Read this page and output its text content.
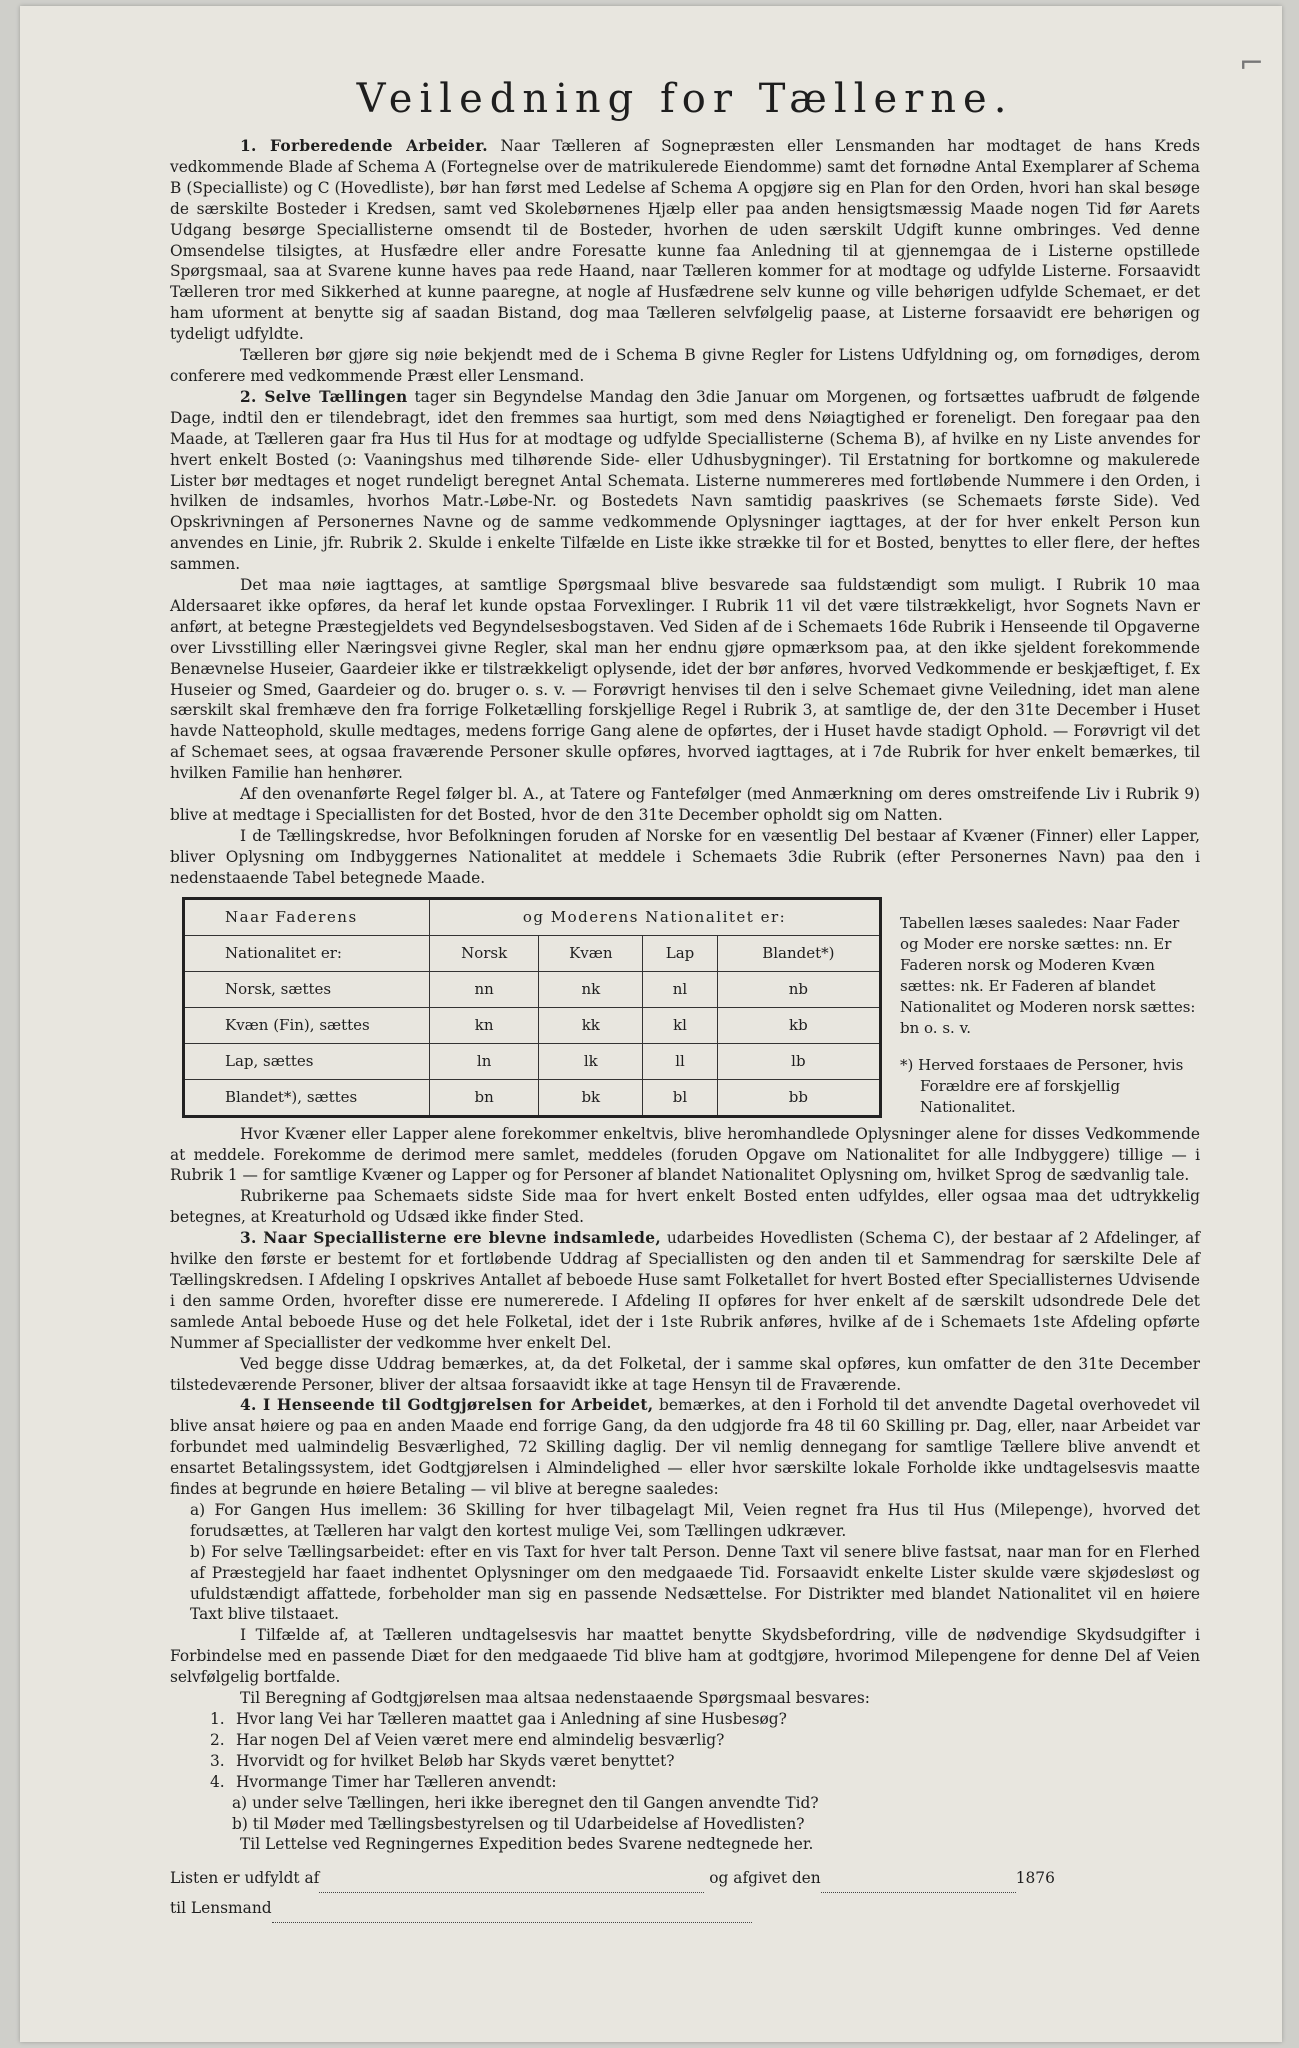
⌐
Veiledning for Tællerne.

1. Forberedende Arbeider. Naar Tælleren af Sognepræsten eller Lensmanden har modtaget de hans Kreds vedkommende Blade af Schema A (Fortegnelse over de matrikulerede Eiendomme) samt det fornødne Antal Exemplarer af Schema B (Specialliste) og C (Hovedliste), bør han først med Ledelse af Schema A opgjøre sig en Plan for den Orden, hvori han skal besøge de særskilte Bosteder i Kredsen, samt ved Skolebørnenes Hjælp eller paa anden hensigtsmæssig Maade nogen Tid før Aarets Udgang besørge Speciallisterne omsendt til de Bosteder, hvorhen de uden særskilt Udgift kunne ombringes. Ved denne Omsendelse tilsigtes, at Husfædre eller andre Foresatte kunne faa Anledning til at gjennemgaa de i Listerne opstillede Spørgsmaal, saa at Svarene kunne haves paa rede Haand, naar Tælleren kommer for at modtage og udfylde Listerne. Forsaavidt Tælleren tror med Sikkerhed at kunne paaregne, at nogle af Husfædrene selv kunne og ville behørigen udfylde Schemaet, er det ham uforment at benytte sig af saadan Bistand, dog maa Tælleren selvfølgelig paase, at Listerne forsaavidt ere behørigen og tydeligt udfyldte.

Tælleren bør gjøre sig nøie bekjendt med de i Schema B givne Regler for Listens Udfyldning og, om fornødiges, derom conferere med vedkommende Præst eller Lensmand.

2. Selve Tællingen tager sin Begyndelse Mandag den 3die Januar om Morgenen, og fortsættes uafbrudt de følgende Dage, indtil den er tilendebragt, idet den fremmes saa hurtigt, som med dens Nøiagtighed er foreneligt. Den foregaar paa den Maade, at Tælleren gaar fra Hus til Hus for at modtage og udfylde Speciallisterne (Schema B), af hvilke en ny Liste anvendes for hvert enkelt Bosted (ɔ: Vaaningshus med tilhørende Side- eller Udhusbygninger). Til Erstatning for bortkomne og makulerede Lister bør medtages et noget rundeligt beregnet Antal Schemata. Listerne nummereres med fortløbende Nummere i den Orden, i hvilken de indsamles, hvorhos Matr.-Løbe-Nr. og Bostedets Navn samtidig paaskrives (se Schemaets første Side). Ved Opskrivningen af Personernes Navne og de samme vedkommende Oplysninger iagttages, at der for hver enkelt Person kun anvendes en Linie, jfr. Rubrik 2. Skulde i enkelte Tilfælde en Liste ikke strække til for et Bosted, benyttes to eller flere, der heftes sammen.

Det maa nøie iagttages, at samtlige Spørgsmaal blive besvarede saa fuldstændigt som muligt. I Rubrik 10 maa Aldersaaret ikke opføres, da heraf let kunde opstaa Forvexlinger. I Rubrik 11 vil det være tilstrækkeligt, hvor Sognets Navn er anført, at betegne Præstegjeldets ved Begyndelsesbogstaven. Ved Siden af de i Schemaets 16de Rubrik i Henseende til Opgaverne over Livsstilling eller Næringsvei givne Regler, skal man her endnu gjøre opmærksom paa, at den ikke sjeldent forekommende Benævnelse Huseier, Gaardeier ikke er tilstrækkeligt oplysende, idet der bør anføres, hvorved Vedkommende er beskjæftiget, f. Ex Huseier og Smed, Gaardeier og do. bruger o. s. v. — Forøvrigt henvises til den i selve Schemaet givne Veiledning, idet man alene særskilt skal fremhæve den fra forrige Folketælling forskjellige Regel i Rubrik 3, at samtlige de, der den 31te December i Huset havde Natteophold, skulle medtages, medens forrige Gang alene de opførtes, der i Huset havde stadigt Ophold. — Forøvrigt vil det af Schemaet sees, at ogsaa fraværende Personer skulle opføres, hvorved iagttages, at i 7de Rubrik for hver enkelt bemærkes, til hvilken Familie han henhører.

Af den ovenanførte Regel følger bl. A., at Tatere og Fantefølger (med Anmærkning om deres omstreifende Liv i Rubrik 9) blive at medtage i Speciallisten for det Bosted, hvor de den 31te December opholdt sig om Natten.

I de Tællingskredse, hvor Befolkningen foruden af Norske for en væsentlig Del bestaar af Kvæner (Finner) eller Lapper, bliver Oplysning om Indbyggernes Nationalitet at meddele i Schemaets 3die Rubrik (efter Personernes Navn) paa den i nedenstaaende Tabel betegnede Maade.

Naar Faderens	og Moderens Nationalitet er:			
Nationalitet er:	Norsk	Kvæn	Lap	Blandet*)
Norsk, sættes	nn	nk	nl	nb
Kvæn (Fin), sættes	kn	kk	kl	kb
Lap, sættes	ln	lk	ll	lb
Blandet*), sættes	bn	bk	bl	bb
Tabellen læses saaledes: Naar Fader og Moder ere norske sættes: nn. Er Faderen norsk og Moderen Kvæn sættes: nk. Er Faderen af blandet Nationalitet og Moderen norsk sættes: bn o. s. v.
*) Herved forstaaes de Personer, hvis Forældre ere af forskjellig Nationalitet.

Hvor Kvæner eller Lapper alene forekommer enkeltvis, blive heromhandlede Oplysninger alene for disses Vedkommende at meddele. Forekomme de derimod mere samlet, meddeles (foruden Opgave om Nationalitet for alle Indbyggere) tillige — i Rubrik 1 — for samtlige Kvæner og Lapper og for Personer af blandet Nationalitet Oplysning om, hvilket Sprog de sædvanlig tale.

Rubrikerne paa Schemaets sidste Side maa for hvert enkelt Bosted enten udfyldes, eller ogsaa maa det udtrykkelig betegnes, at Kreaturhold og Udsæd ikke finder Sted.

3. Naar Speciallisterne ere blevne indsamlede, udarbeides Hovedlisten (Schema C), der bestaar af 2 Afdelinger, af hvilke den første er bestemt for et fortløbende Uddrag af Speciallisten og den anden til et Sammendrag for særskilte Dele af Tællingskredsen. I Afdeling I opskrives Antallet af beboede Huse samt Folketallet for hvert Bosted efter Speciallisternes Udvisende i den samme Orden, hvorefter disse ere numererede. I Afdeling II opføres for hver enkelt af de særskilt udsondrede Dele det samlede Antal beboede Huse og det hele Folketal, idet der i 1ste Rubrik anføres, hvilke af de i Schemaets 1ste Afdeling opførte Nummer af Speciallister der vedkomme hver enkelt Del.

Ved begge disse Uddrag bemærkes, at, da det Folketal, der i samme skal opføres, kun omfatter de den 31te December tilstedeværende Personer, bliver der altsaa forsaavidt ikke at tage Hensyn til de Fraværende.

4. I Henseende til Godtgjørelsen for Arbeidet, bemærkes, at den i Forhold til det anvendte Dagetal overhovedet vil blive ansat høiere og paa en anden Maade end forrige Gang, da den udgjorde fra 48 til 60 Skilling pr. Dag, eller, naar Arbeidet var forbundet med ualmindelig Besværlighed, 72 Skilling daglig. Der vil nemlig dennegang for samtlige Tællere blive anvendt et ensartet Betalingssystem, idet Godtgjørelsen i Almindelighed — eller hvor særskilte lokale Forholde ikke undtagelsesvis maatte findes at begrunde en høiere Betaling — vil blive at beregne saaledes:

a) For Gangen Hus imellem: 36 Skilling for hver tilbagelagt Mil, Veien regnet fra Hus til Hus (Milepenge), hvorved det forudsættes, at Tælleren har valgt den kortest mulige Vei, som Tællingen udkræver.

b) For selve Tællingsarbeidet: efter en vis Taxt for hver talt Person. Denne Taxt vil senere blive fastsat, naar man for en Flerhed af Præstegjeld har faaet indhentet Oplysninger om den medgaaede Tid. Forsaavidt enkelte Lister skulde være skjødesløst og ufuldstændigt affattede, forbeholder man sig en passende Nedsættelse. For Distrikter med blandet Nationalitet vil en høiere Taxt blive tilstaaet.

I Tilfælde af, at Tælleren undtagelsesvis har maattet benytte Skydsbefordring, ville de nødvendige Skydsudgifter i Forbindelse med en passende Diæt for den medgaaede Tid blive ham at godtgjøre, hvorimod Milepengene for denne Del af Veien selvfølgelig bortfalde.

Til Beregning af Godtgjørelsen maa altsaa nedenstaaende Spørgsmaal besvares:

1. Hvor lang Vei har Tælleren maattet gaa i Anledning af sine Husbesøg?
2. Har nogen Del af Veien været mere end almindelig besværlig?
3. Hvorvidt og for hvilket Beløb har Skyds været benyttet?
4. Hvormange Timer har Tælleren anvendt:

a) under selve Tællingen, heri ikke iberegnet den til Gangen anvendte Tid?

b) til Møder med Tællingsbestyrelsen og til Udarbeidelse af Hovedlisten?

Til Lettelse ved Regningernes Expedition bedes Svarene nedtegnede her.

Listen er udfyldt af	og afgivet den	1876
til Lensmand
